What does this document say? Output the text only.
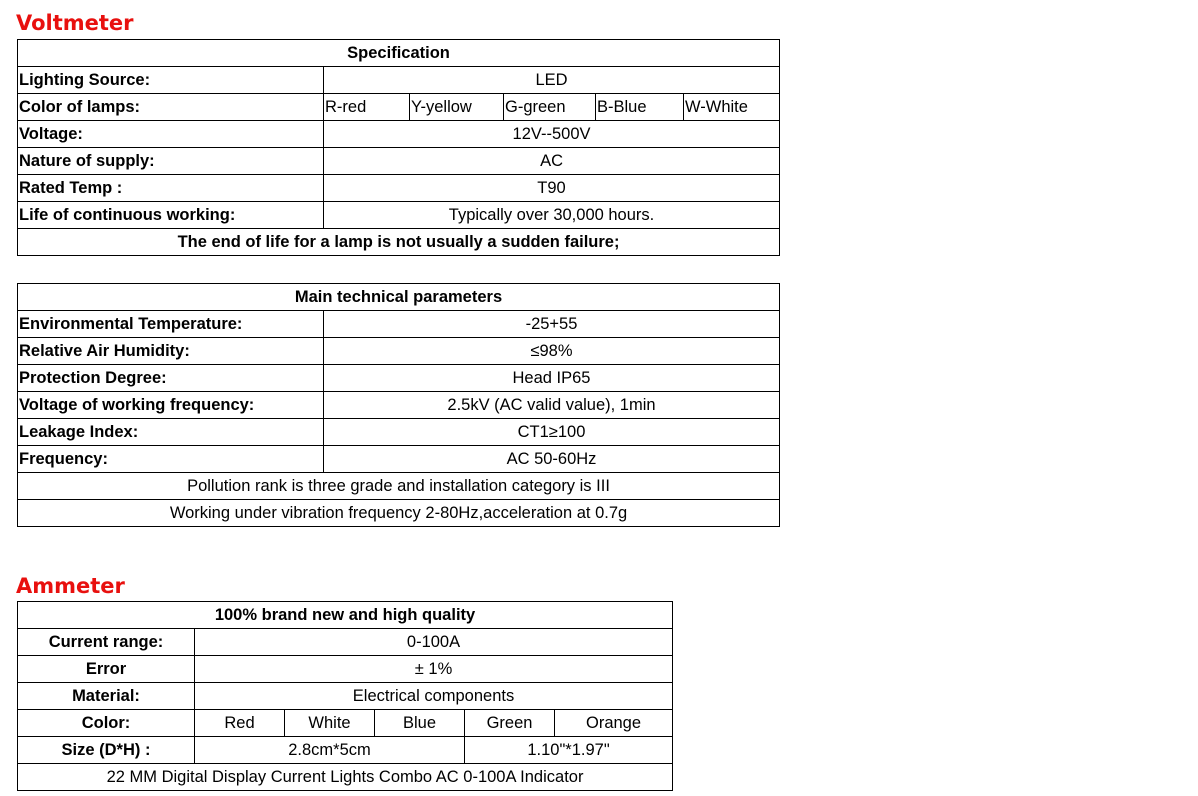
Voltmeter
Specification					
Lighting Source:	LED				
Color of lamps:	R-red	Y-yellow	G-green	B-Blue	W-White
Voltage:	12V--500V				
Nature of supply:	AC				
Rated Temp :	T90				
Life of continuous working:	Typically over 30,000 hours.				
The end of life for a lamp is not usually a sudden failure;					
Main technical parameters	
Environmental Temperature:	-25+55
Relative Air Humidity:	≤98%
Protection Degree:	Head IP65
Voltage of working frequency:	2.5kV (AC valid value), 1min
Leakage Index:	CT1≥100
Frequency:	AC 50-60Hz
Pollution rank is three grade and installation category is III	
Working under vibration frequency 2-80Hz,acceleration at 0.7g	
Ammeter
100% brand new and high quality					
Current range:	0-100A				
Error	± 1%				
Material:	Electrical components				
Color:	Red	White	Blue	Green	Orange
Size (D*H) :	2.8cm*5cm			1.10"*1.97"	
22 MM Digital Display Current Lights Combo AC 0-100A Indicator					
